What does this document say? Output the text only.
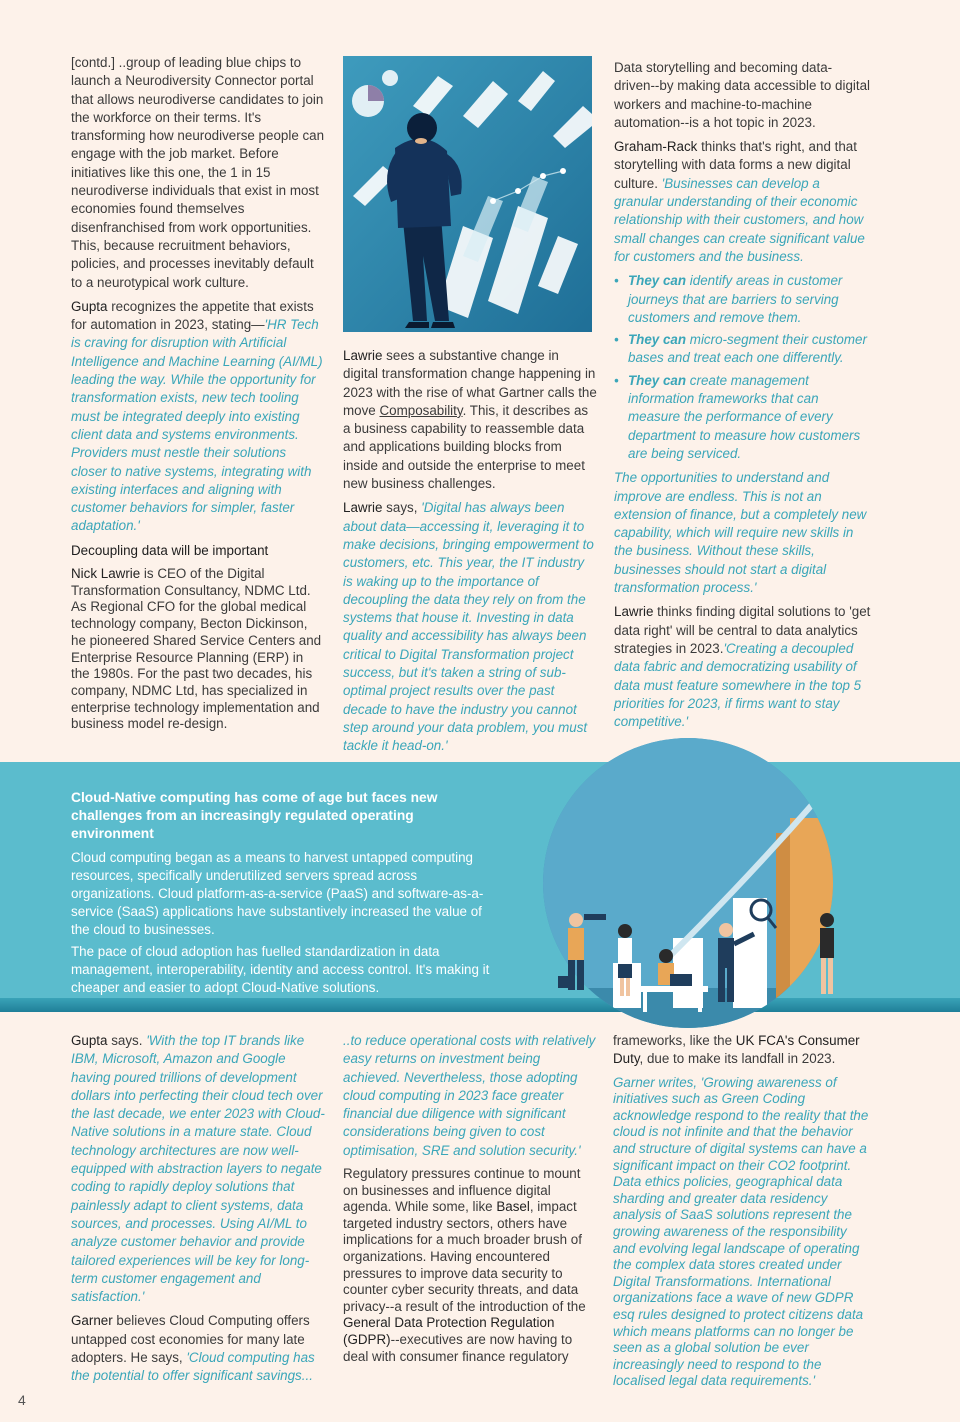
[contd.] ..group of leading blue chips to launch a Neurodiversity Connector portal that allows neurodiverse candidates to join the workforce on their terms. It's transforming how neurodiverse people can engage with the job market. Before initiatives like this one, the 1 in 15 neurodiverse individuals that exist in most economies found themselves disenfranchised from work opportunities. This, because recruitment behaviors, policies, and processes inevitably default to a neurotypical work culture.

Gupta recognizes the appetite that exists for automation in 2023, stating—'HR Tech is craving for disruption with Artificial Intelligence and Machine Learning (AI/ML) leading the way. While the opportunity for transformation exists, new tech tooling must be integrated deeply into existing client data and systems environments. Providers must nestle their solutions closer to native systems, integrating with existing interfaces and aligning with customer behaviors for simpler, faster adaptation.'

Decoupling data will be important

Nick Lawrie is CEO of the Digital Transformation Consultancy, NDMC Ltd. As Regional CFO for the global medical technology company, Becton Dickinson, he pioneered Shared Service Centers and Enterprise Resource Planning (ERP) in the 1980s. For the past two decades, his company, NDMC Ltd, has specialized in enterprise technology implementation and business model re-design.

Lawrie sees a substantive change in digital transformation change happening in 2023 with the rise of what Gartner calls the move Composability. This, it describes as a business capability to reassemble data and applications building blocks from inside and outside the enterprise to meet new business challenges.

Lawrie says, 'Digital has always been about data—accessing it, leveraging it to make decisions, bringing empowerment to customers, etc. This year, the IT industry is waking up to the importance of decoupling the data they rely on from the systems that house it. Investing in data quality and accessibility has always been critical to Digital Transformation project success, but it's taken a string of sub-optimal project results over the past decade to have the industry you cannot step around your data problem, you must tackle it head-on.'

Data storytelling and becoming data-driven--by making data accessible to digital workers and machine-to-machine automation--is a hot topic in 2023.

Graham-Rack thinks that's right, and that storytelling with data forms a new digital culture. 'Businesses can develop a granular understanding of their economic relationship with their customers, and how small changes can create significant value for customers and the business.

• They can identify areas in customer journeys that are barriers to serving customers and remove them.
• They can micro-segment their customer bases and treat each one differently.
• They can create management information frameworks that can measure the performance of every department to measure how customers are being serviced.

The opportunities to understand and improve are endless. This is not an extension of finance, but a completely new capability, which will require new skills in the business. Without these skills, businesses should not start a digital transformation process.'

Lawrie thinks finding digital solutions to 'get data right' will be central to data analytics strategies in 2023.'Creating a decoupled data fabric and democratizing usability of data must feature somewhere in the top 5 priorities for 2023, if firms want to stay competitive.'

Cloud-Native computing has come of age but faces new challenges from an increasingly regulated operating environment

Cloud computing began as a means to harvest untapped computing resources, specifically underutilized servers spread across organizations. Cloud platform-as-a-service (PaaS) and software-as-a-service (SaaS) applications have substantively increased the value of the cloud to businesses.

The pace of cloud adoption has fuelled standardization in data management, interoperability, identity and access control. It's making it cheaper and easier to adopt Cloud-Native solutions.

Gupta says. 'With the top IT brands like IBM, Microsoft, Amazon and Google having poured trillions of development dollars into perfecting their cloud tech over the last decade, we enter 2023 with Cloud-Native solutions in a mature state. Cloud technology architectures are now well-equipped with abstraction layers to negate coding to rapidly deploy solutions that painlessly adapt to client systems, data sources, and processes. Using AI/ML to analyze customer behavior and provide tailored experiences will be key for long-term customer engagement and satisfaction.'

Garner believes Cloud Computing offers untapped cost economies for many late adopters. He says, 'Cloud computing has the potential to offer significant savings...

..to reduce operational costs with relatively easy returns on investment being achieved. Nevertheless, those adopting cloud computing in 2023 face greater financial due diligence with significant considerations being given to cost optimisation, SRE and solution security.'

Regulatory pressures continue to mount on businesses and influence digital agenda. While some, like Basel, impact targeted industry sectors, others have implications for a much broader brush of organizations. Having encountered pressures to improve data security to counter cyber security threats, and data privacy--a result of the introduction of the General Data Protection Regulation (GDPR)--executives are now having to deal with consumer finance regulatory

frameworks, like the UK FCA's Consumer Duty, due to make its landfall in 2023.

Garner writes, 'Growing awareness of initiatives such as Green Coding acknowledge respond to the reality that the cloud is not infinite and that the behavior and structure of digital systems can have a significant impact on their CO2 footprint. Data ethics policies, geographical data sharding and greater data residency analysis of SaaS solutions represent the growing awareness of the responsibility and evolving legal landscape of operating the complex data stores created under Digital Transformations. International organizations face a wave of new GDPR esq rules designed to protect citizens data which means platforms can no longer be seen as a global solution be ever increasingly need to respond to the localised legal data requirements.'

4
